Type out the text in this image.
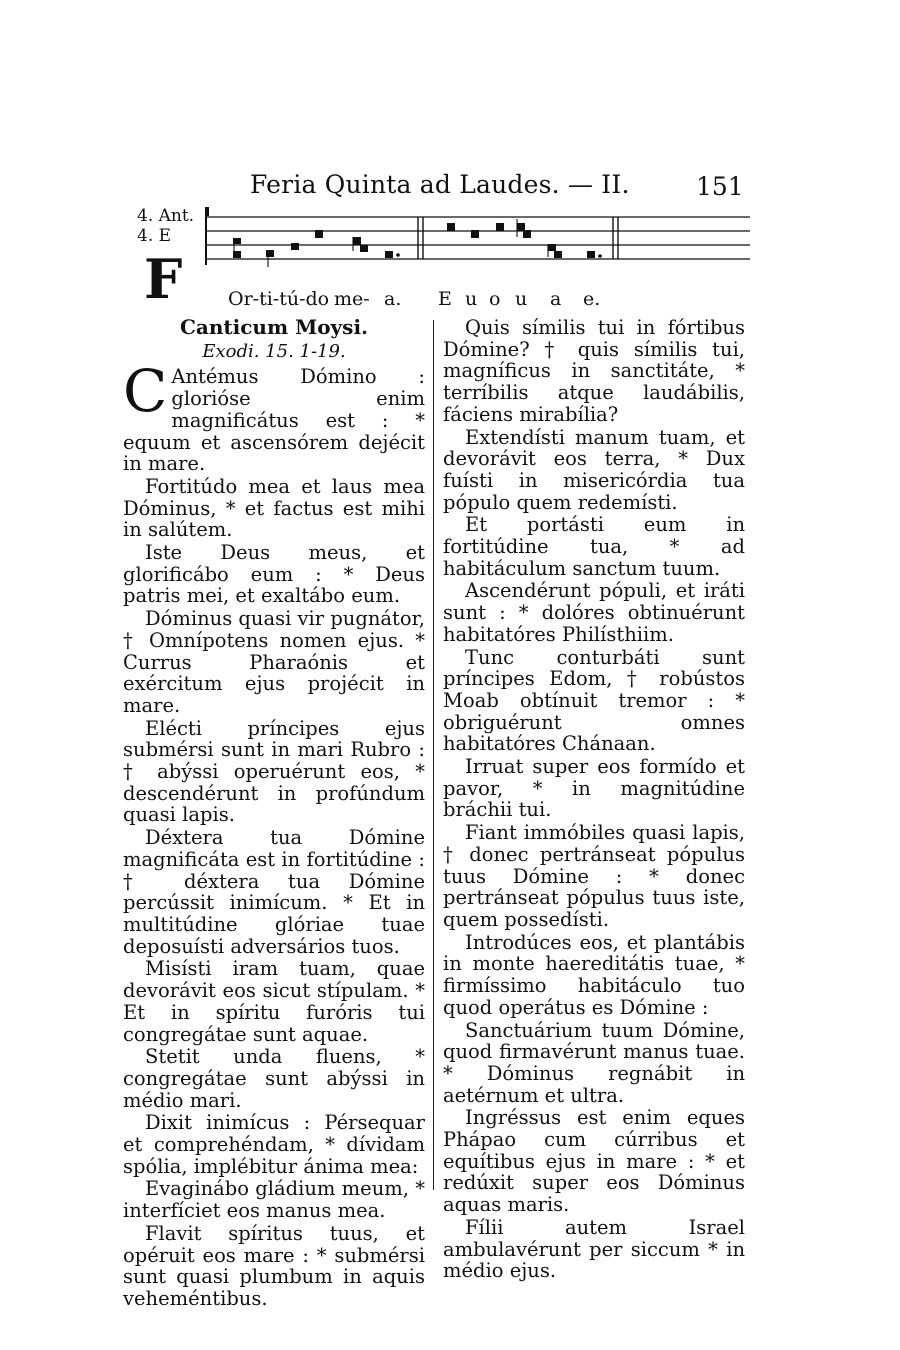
Feria Quinta ad Laudes. — II.	151
4. Ant.
4. E
F Or-ti-tú-do me- a. E u o u a e.
Canticum Moysi.
Exodi. 15. 1-19.

C Antémus Dómino : gloriόse enim magnificátus est : * equum et ascensόrem dejécit in mare.

Fortitúdo mea et laus mea Dóminus, * et factus est mihi in salútem.

Iste Deus meus, et glorificábo eum : * Deus patris mei, et exaltábo eum.

Dóminus quasi vir pugnátor, † Omnípotens nomen ejus. * Currus Pharaónis et exércitum ejus projécit in mare.

Elécti príncipes ejus submérsi sunt in mari Rubro : † abýssi operuérunt eos, * descendérunt in profúndum quasi lapis.

Déxtera tua Dómine magnificáta est in fortitúdine : † déxtera tua Dómine percússit inimícum. * Et in multitúdine glóriae tuae deposuísti adversários tuos.

Misísti iram tuam, quae devorávit eos sicut stípulam. * Et in spíritu furóris tui congregátae sunt aquae.

Stetit unda fluens, * congregátae sunt abýssi in médio mari.

Dixit inimícus : Pérsequar et comprehéndam, * dívidam spólia, implébitur ánima mea:

Evaginábo gládium meum, * interfíciet eos manus mea.

Flavit spíritus tuus, et opéruit eos mare : * submérsi sunt quasi plumbum in aquis veheméntibus.

Quis símilis tui in fórtibus Dómine? † quis símilis tui, magníficus in sanctitáte, * terríbilis atque laudábilis, fáciens mirabília?

Extendísti manum tuam, et devorávit eos terra, * Dux fuísti in misericórdia tua pópulo quem redemísti.

Et portásti eum in fortitúdine tua, * ad habitáculum sanctum tuum.

Ascendérunt pópuli, et iráti sunt : * dolóres obtinuérunt habitatóres Philísthiim.

Tunc conturbáti sunt príncipes Edom, † robústos Moab obtínuit tremor : * obriguérunt omnes habitatóres Chánaan.

Irruat super eos formído et pavor, * in magnitúdine bráchii tui.

Fiant immóbiles quasi lapis, † donec pertránseat pópulus tuus Dómine : * donec pertránseat pópulus tuus iste, quem possedísti.

Introdúces eos, et plantábis in monte haereditátis tuae, * firmíssimo habitáculo tuo quod operátus es Dómine :

Sanctuárium tuum Dómine, quod firmavérunt manus tuae. * Dóminus regnábit in aetérnum et ultra.

Ingréssus est enim eques Pháрao cum cúrribus et equítibus ejus in mare : * et redúxit super eos Dóminus aquas maris.

Fílii autem Israel ambulavérunt per siccum * in médio ejus.
